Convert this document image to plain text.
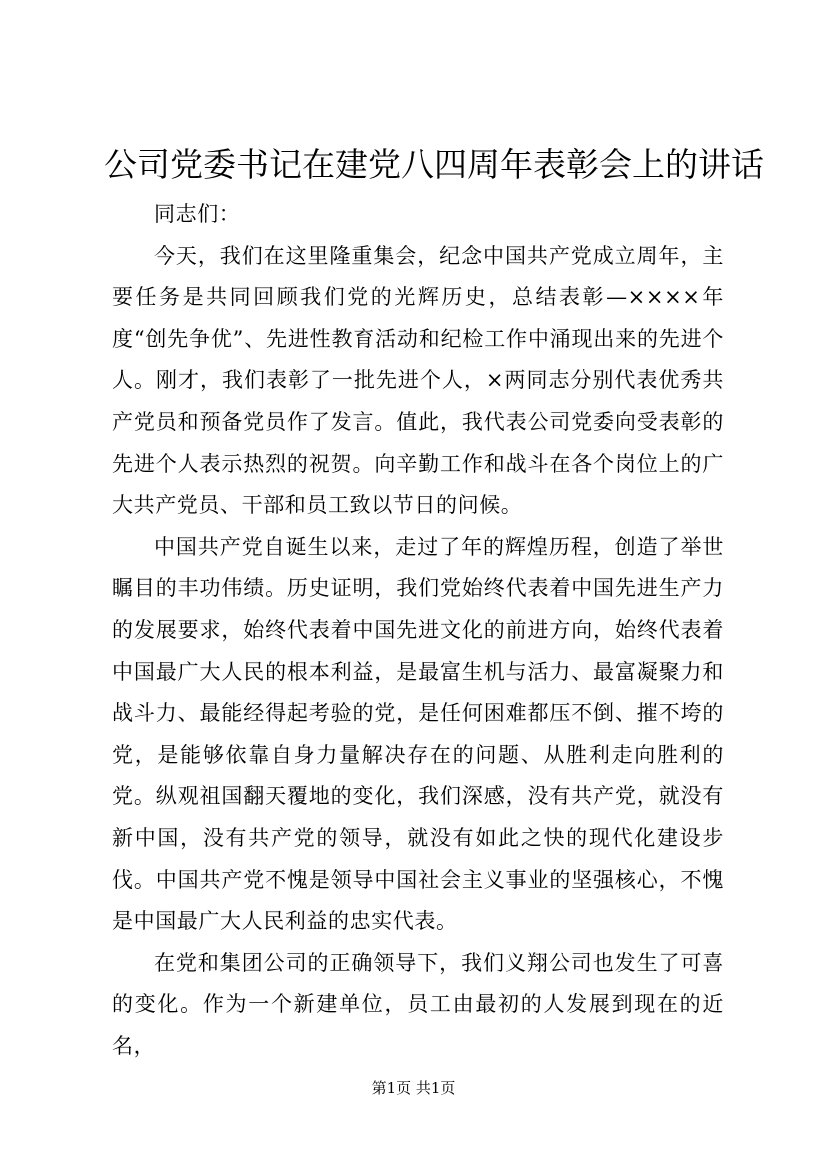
公司党委书记在建党八四周年表彰会上的讲话

同志们：

今天，我们在这里隆重集会，纪念中国共产党成立周年，主要任务是共同回顾我们党的光辉历史，总结表彰—××××年度“创先争优”、先进性教育活动和纪检工作中涌现出来的先进个人。刚才，我们表彰了一批先进个人，×两同志分别代表优秀共产党员和预备党员作了发言。值此，我代表公司党委向受表彰的先进个人表示热烈的祝贺。向辛勤工作和战斗在各个岗位上的广大共产党员、干部和员工致以节日的问候。

中国共产党自诞生以来，走过了年的辉煌历程，创造了举世瞩目的丰功伟绩。历史证明，我们党始终代表着中国先进生产力的发展要求，始终代表着中国先进文化的前进方向，始终代表着中国最广大人民的根本利益，是最富生机与活力、最富凝聚力和战斗力、最能经得起考验的党，是任何困难都压不倒、摧不垮的党，是能够依靠自身力量解决存在的问题、从胜利走向胜利的党。纵观祖国翻天覆地的变化，我们深感，没有共产党，就没有新中国，没有共产党的领导，就没有如此之快的现代化建设步伐。中国共产党不愧是领导中国社会主义事业的坚强核心，不愧是中国最广大人民利益的忠实代表。

在党和集团公司的正确领导下，我们义翔公司也发生了可喜的变化。作为一个新建单位，员工由最初的人发展到现在的近名，

第1页 共1页
